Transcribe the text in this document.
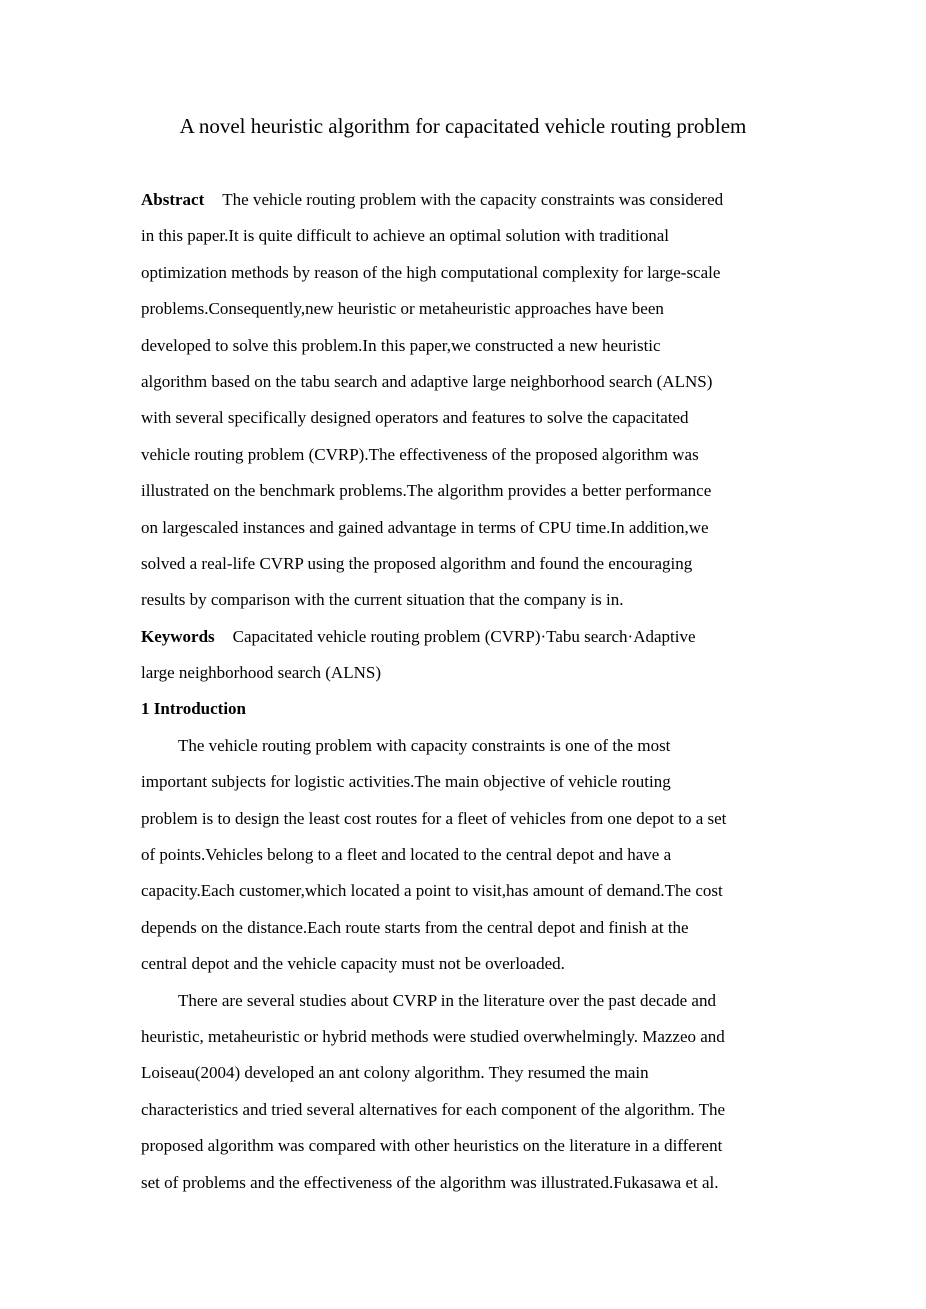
A novel heuristic algorithm for capacitated vehicle routing problem
Abstract The vehicle routing problem with the capacity constraints was considered
in this paper.It is quite difficult to achieve an optimal solution with traditional
optimization methods by reason of the high computational complexity for large-scale
problems.Consequently,new heuristic or metaheuristic approaches have been
developed to solve this problem.In this paper,we constructed a new heuristic
algorithm based on the tabu search and adaptive large neighborhood search (ALNS)
with several specifically designed operators and features to solve the capacitated
vehicle routing problem (CVRP).The effectiveness of the proposed algorithm was
illustrated on the benchmark problems.The algorithm provides a better performance
on largescaled instances and gained advantage in terms of CPU time.In addition,we
solved a real-life CVRP using the proposed algorithm and found the encouraging
results by comparison with the current situation that the company is in.
Keywords Capacitated vehicle routing problem (CVRP)·Tabu search·Adaptive
large neighborhood search (ALNS)
1 Introduction
The vehicle routing problem with capacity constraints is one of the most
important subjects for logistic activities.The main objective of vehicle routing
problem is to design the least cost routes for a fleet of vehicles from one depot to a set
of points.Vehicles belong to a fleet and located to the central depot and have a
capacity.Each customer,which located a point to visit,has amount of demand.The cost
depends on the distance.Each route starts from the central depot and finish at the
central depot and the vehicle capacity must not be overloaded.
There are several studies about CVRP in the literature over the past decade and
heuristic, metaheuristic or hybrid methods were studied overwhelmingly. Mazzeo and
Loiseau(2004) developed an ant colony algorithm. They resumed the main
characteristics and tried several alternatives for each component of the algorithm. The
proposed algorithm was compared with other heuristics on the literature in a different
set of problems and the effectiveness of the algorithm was illustrated.Fukasawa et al.
